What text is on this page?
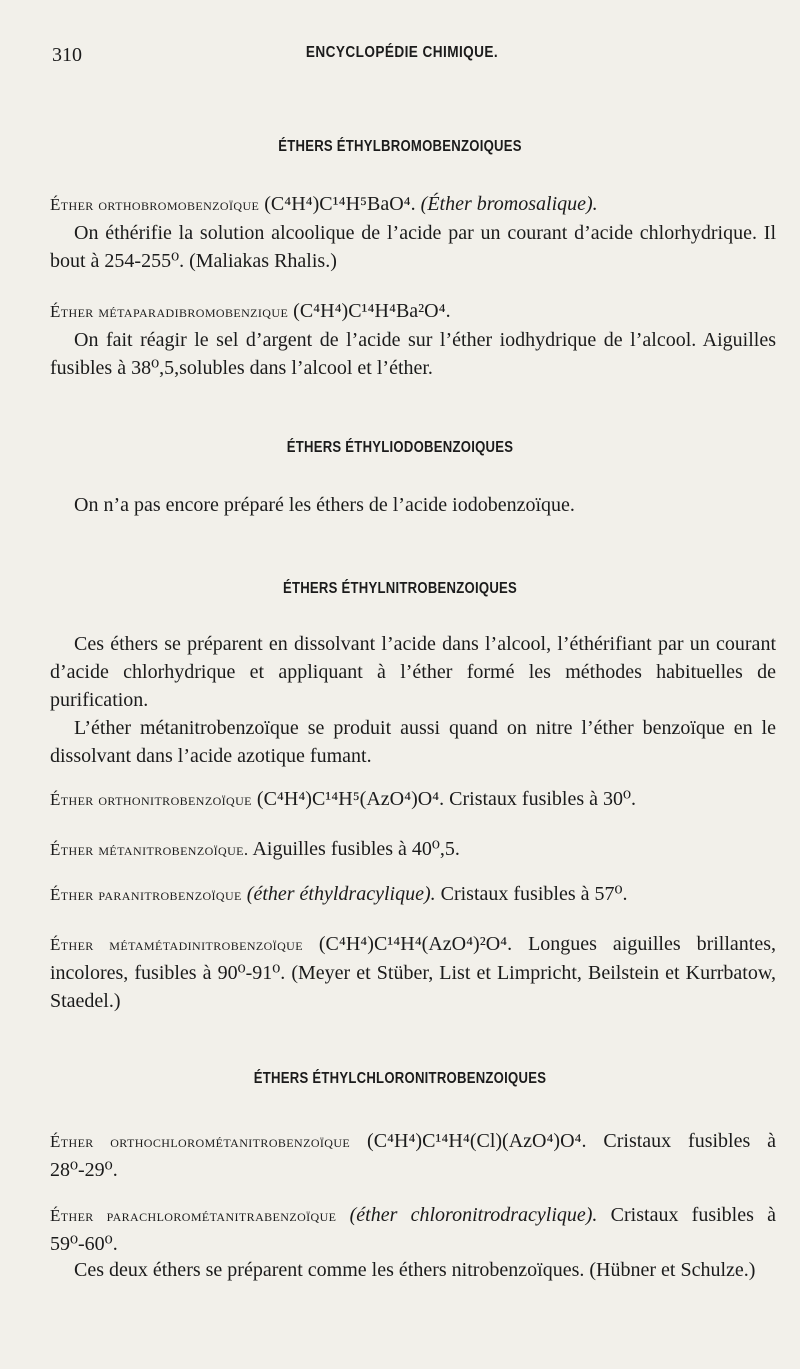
310	ENCYCLOPÉDIE CHIMIQUE.
ÉTHERS ÉTHYLBROMOBENZOIQUES
Éther orthobromobenzoïque (C⁴H⁴)C¹⁴H⁵BaO⁴. (Éther bromosalique).
On éthérifie la solution alcoolique de l’acide par un courant d’acide chlorhydrique. Il bout à 254-255⁰. (Maliakas Rhalis.)
Éther métaparadibromobenzique (C⁴H⁴)C¹⁴H⁴Ba²O⁴.
On fait réagir le sel d’argent de l’acide sur l’éther iodhydrique de l’alcool. Aiguilles fusibles à 38⁰,5,solubles dans l’alcool et l’éther.
ÉTHERS ÉTHYLIODOBENZOIQUES
On n’a pas encore préparé les éthers de l’acide iodobenzoïque.
ÉTHERS ÉTHYLNITROBENZOIQUES
Ces éthers se préparent en dissolvant l’acide dans l’alcool, l’éthérifiant par un courant d’acide chlorhydrique et appliquant à l’éther formé les méthodes habituelles de purification.
L’éther métanitrobenzoïque se produit aussi quand on nitre l’éther benzoïque en le dissolvant dans l’acide azotique fumant.
Éther orthonitrobenzoïque (C⁴H⁴)C¹⁴H⁵(AzO⁴)O⁴. Cristaux fusibles à 30⁰.
Éther métanitrobenzoïque. Aiguilles fusibles à 40⁰,5.
Éther paranitrobenzoïque (éther éthyldracylique). Cristaux fusibles à 57⁰.
Éther métamétadinitrobenzoïque (C⁴H⁴)C¹⁴H⁴(AzO⁴)²O⁴. Longues aiguilles brillantes, incolores, fusibles à 90⁰-91⁰. (Meyer et Stüber, List et Limpricht, Beilstein et Kurrbatow, Staedel.)
ÉTHERS ÉTHYLCHLORONITROBENZOIQUES
Éther orthochlorométanitrobenzoïque (C⁴H⁴)C¹⁴H⁴(Cl)(AzO⁴)O⁴. Cristaux fusibles à 28⁰-29⁰.
Éther parachlorométanitrabenzoïque (éther chloronitrodracylique). Cristaux fusibles à 59⁰-60⁰.
Ces deux éthers se préparent comme les éthers nitrobenzoïques. (Hübner et Schulze.)
